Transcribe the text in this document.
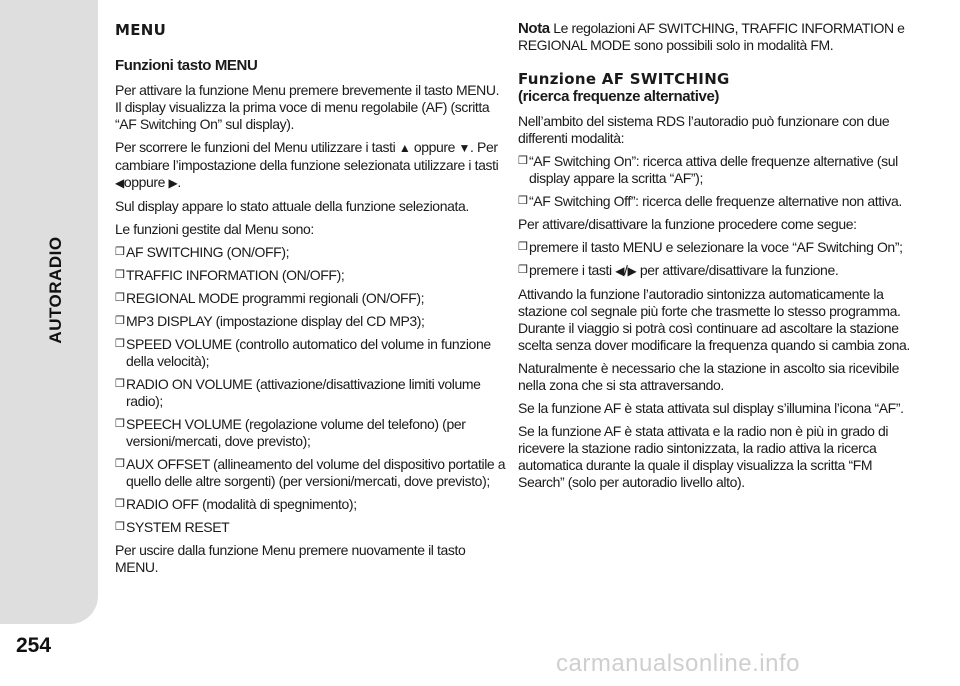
AUTORADIO
254

MENU

Funzioni tasto MENU

Per attivare la funzione Menu premere brevemente il tasto MENU. Il display visualizza la prima voce di menu regolabile (AF) (scritta “AF Switching On” sul display).

Per scorrere le funzioni del Menu utilizzare i tasti ▲ oppure ▼. Per cambiare l’impostazione della funzione selezionata utilizzare i tasti ◀oppure ▶.

Sul display appare lo stato attuale della funzione selezionata.

Le funzioni gestite dal Menu sono:

❒ AF SWITCHING (ON/OFF);
❒ TRAFFIC INFORMATION (ON/OFF);
❒ REGIONAL MODE programmi regionali (ON/OFF);
❒ MP3 DISPLAY (impostazione display del CD MP3);
❒ SPEED VOLUME (controllo automatico del volume in funzione della velocità);
❒ RADIO ON VOLUME (attivazione/disattivazione limiti volume radio);
❒ SPEECH VOLUME (regolazione volume del telefono) (per versioni/mercati, dove previsto);
❒ AUX OFFSET (allineamento del volume del dispositivo portatile a quello delle altre sorgenti) (per versioni/mercati, dove previsto);
❒ RADIO OFF (modalità di spegnimento);
❒ SYSTEM RESET

Per uscire dalla funzione Menu premere nuovamente il tasto MENU.

Nota Le regolazioni AF SWITCHING, TRAFFIC INFORMATION e REGIONAL MODE sono possibili solo in modalità FM.

Funzione AF SWITCHING

(ricerca frequenze alternative)

Nell’ambito del sistema RDS l’autoradio può funzionare con due differenti modalità:

❒ “AF Switching On”: ricerca attiva delle frequenze alternative (sul display appare la scritta “AF”);
❒ “AF Switching Off”: ricerca delle frequenze alternative non attiva.

Per attivare/disattivare la funzione procedere come segue:

❒ premere il tasto MENU e selezionare la voce “AF Switching On”;
❒ premere i tasti ◀/▶ per attivare/disattivare la funzione.

Attivando la funzione l’autoradio sintonizza automaticamente la stazione col segnale più forte che trasmette lo stesso programma. Durante il viaggio si potrà così continuare ad ascoltare la stazione scelta senza dover modificare la frequenza quando si cambia zona.

Naturalmente è necessario che la stazione in ascolto sia ricevibile nella zona che si sta attraversando.

Se la funzione AF è stata attivata sul display s’illumina l’icona “AF”.

Se la funzione AF è stata attivata e la radio non è più in grado di ricevere la stazione radio sintonizzata, la radio attiva la ricerca automatica durante la quale il display visualizza la scritta “FM Search” (solo per autoradio livello alto).

carmanualsonline.info
